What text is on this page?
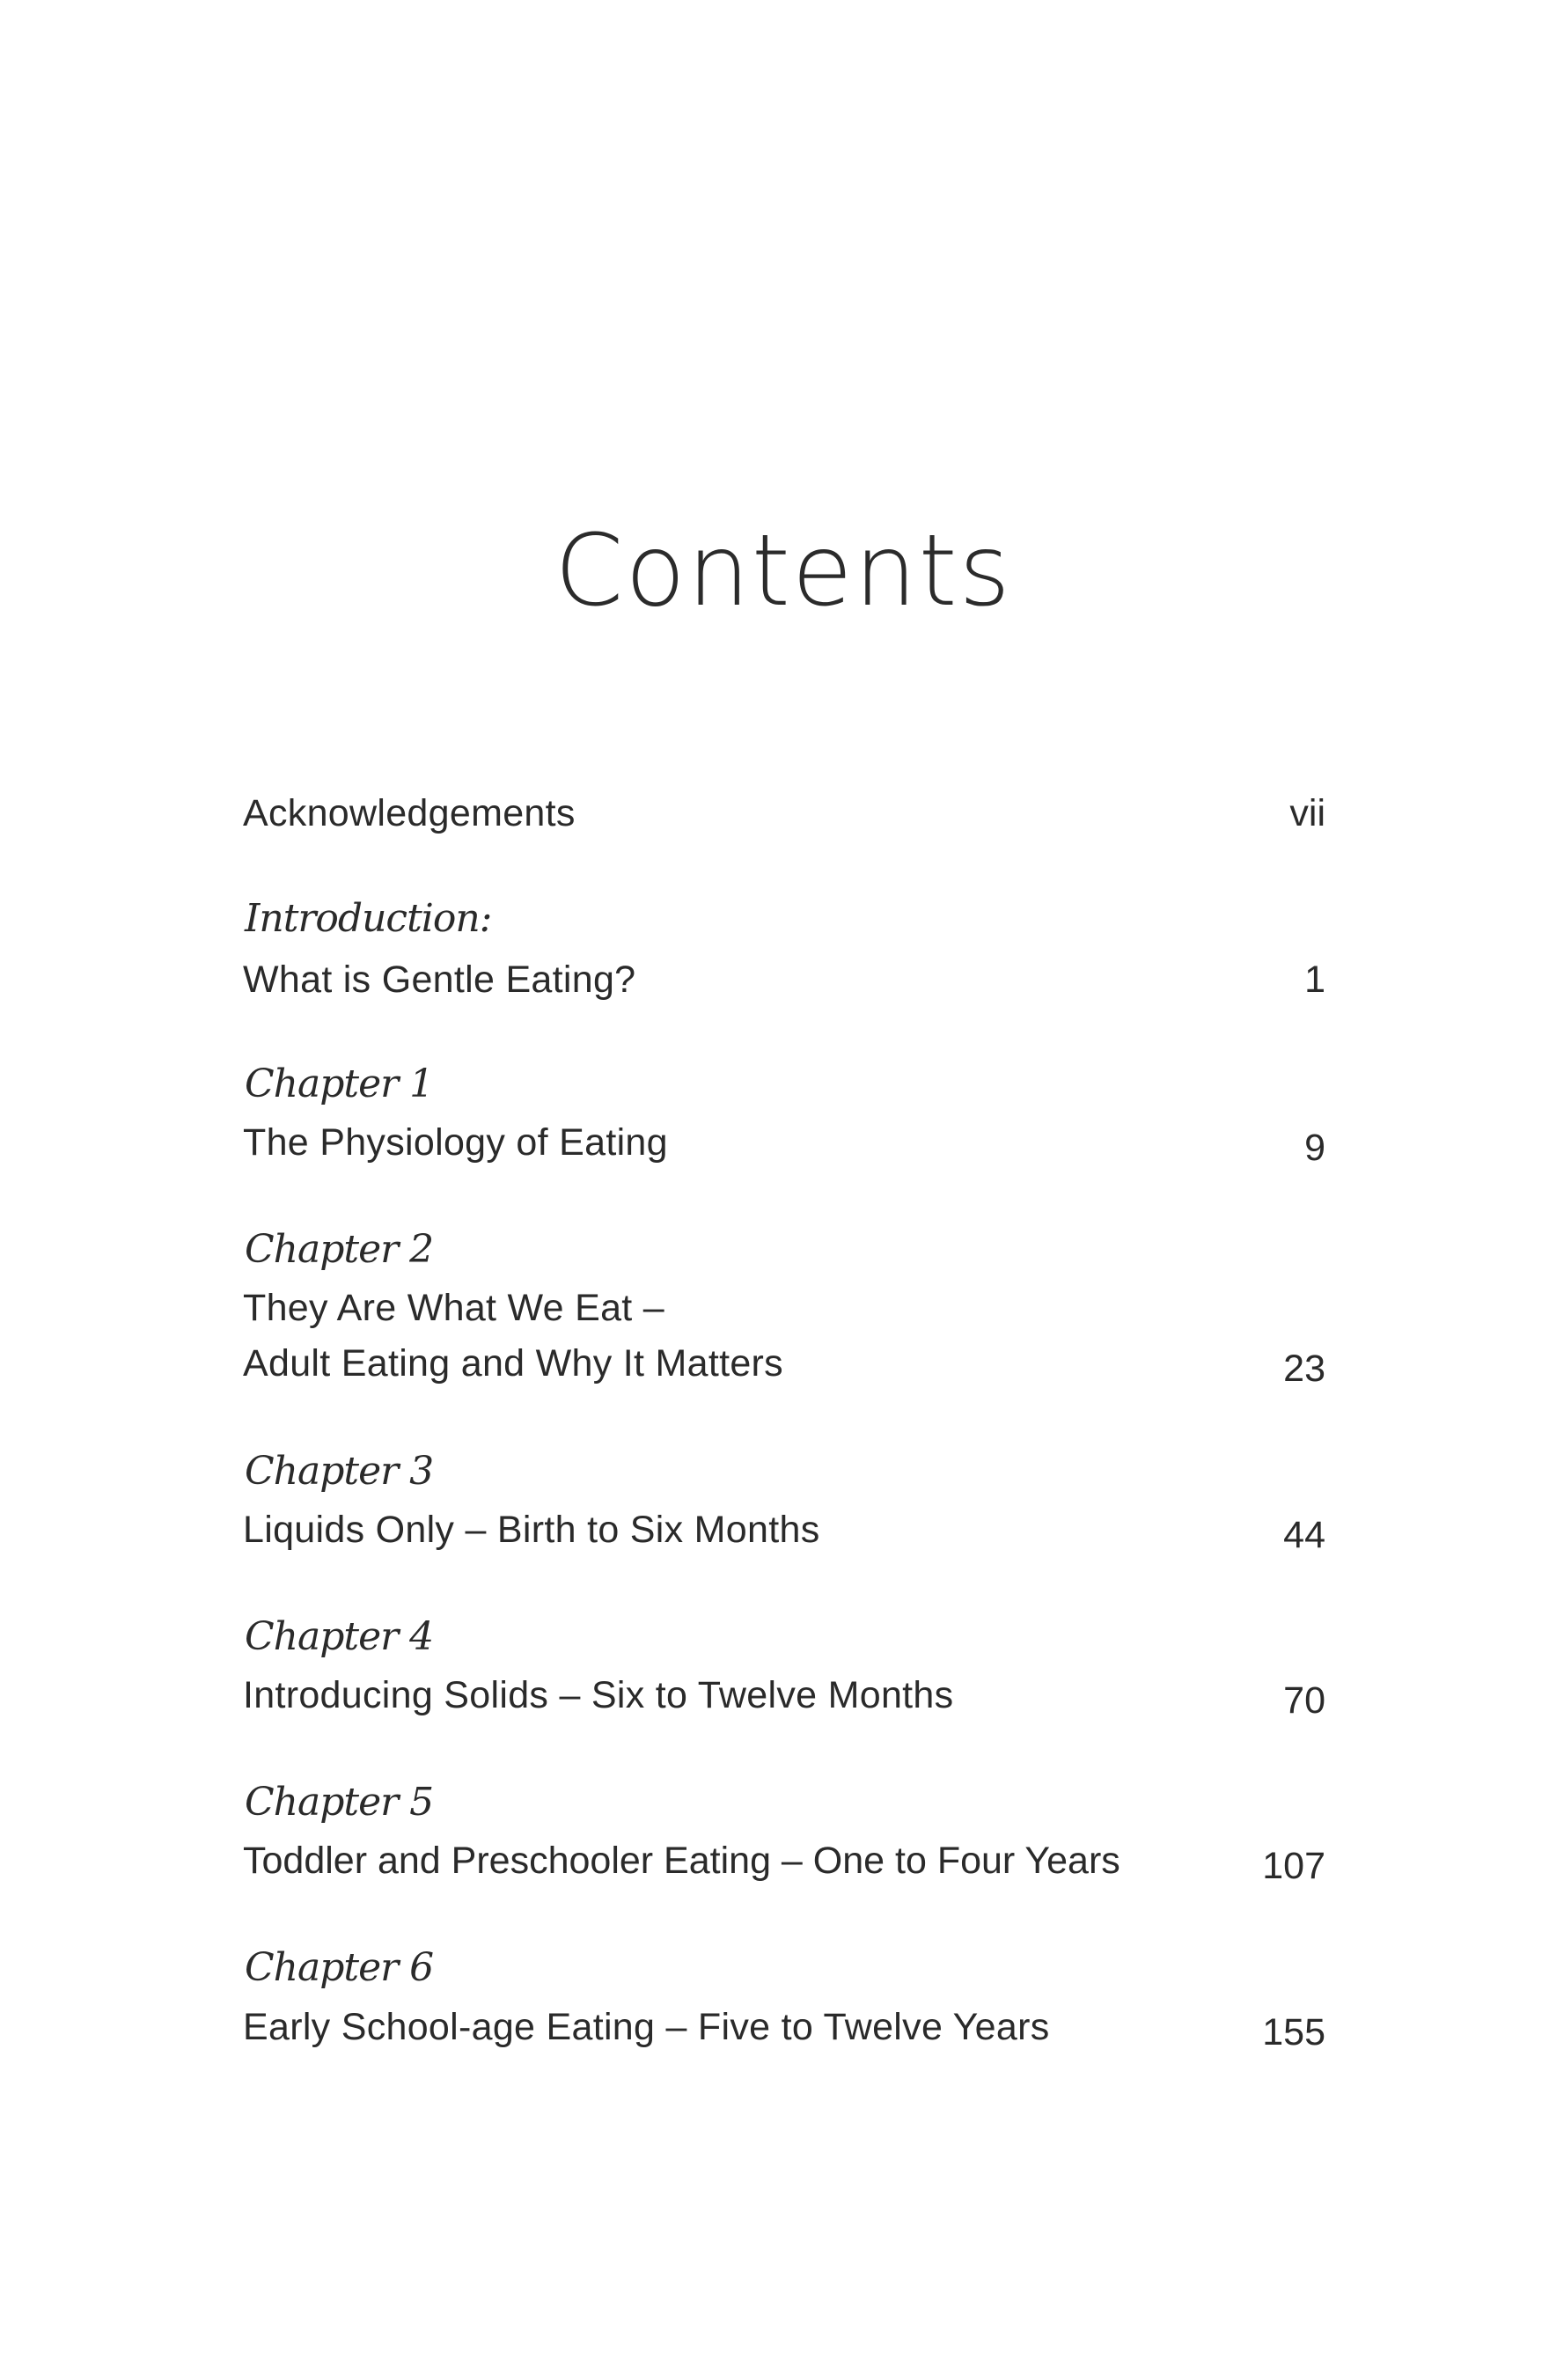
Contents
Acknowledgements	vii
Introduction:
What is Gentle Eating?	1
Chapter 1
The Physiology of Eating	9
Chapter 2
They Are What We Eat –
Adult Eating and Why It Matters	23
Chapter 3
Liquids Only – Birth to Six Months	44
Chapter 4
Introducing Solids – Six to Twelve Months	70
Chapter 5
Toddler and Preschooler Eating – One to Four Years	107
Chapter 6
Early School-age Eating – Five to Twelve Years	155
